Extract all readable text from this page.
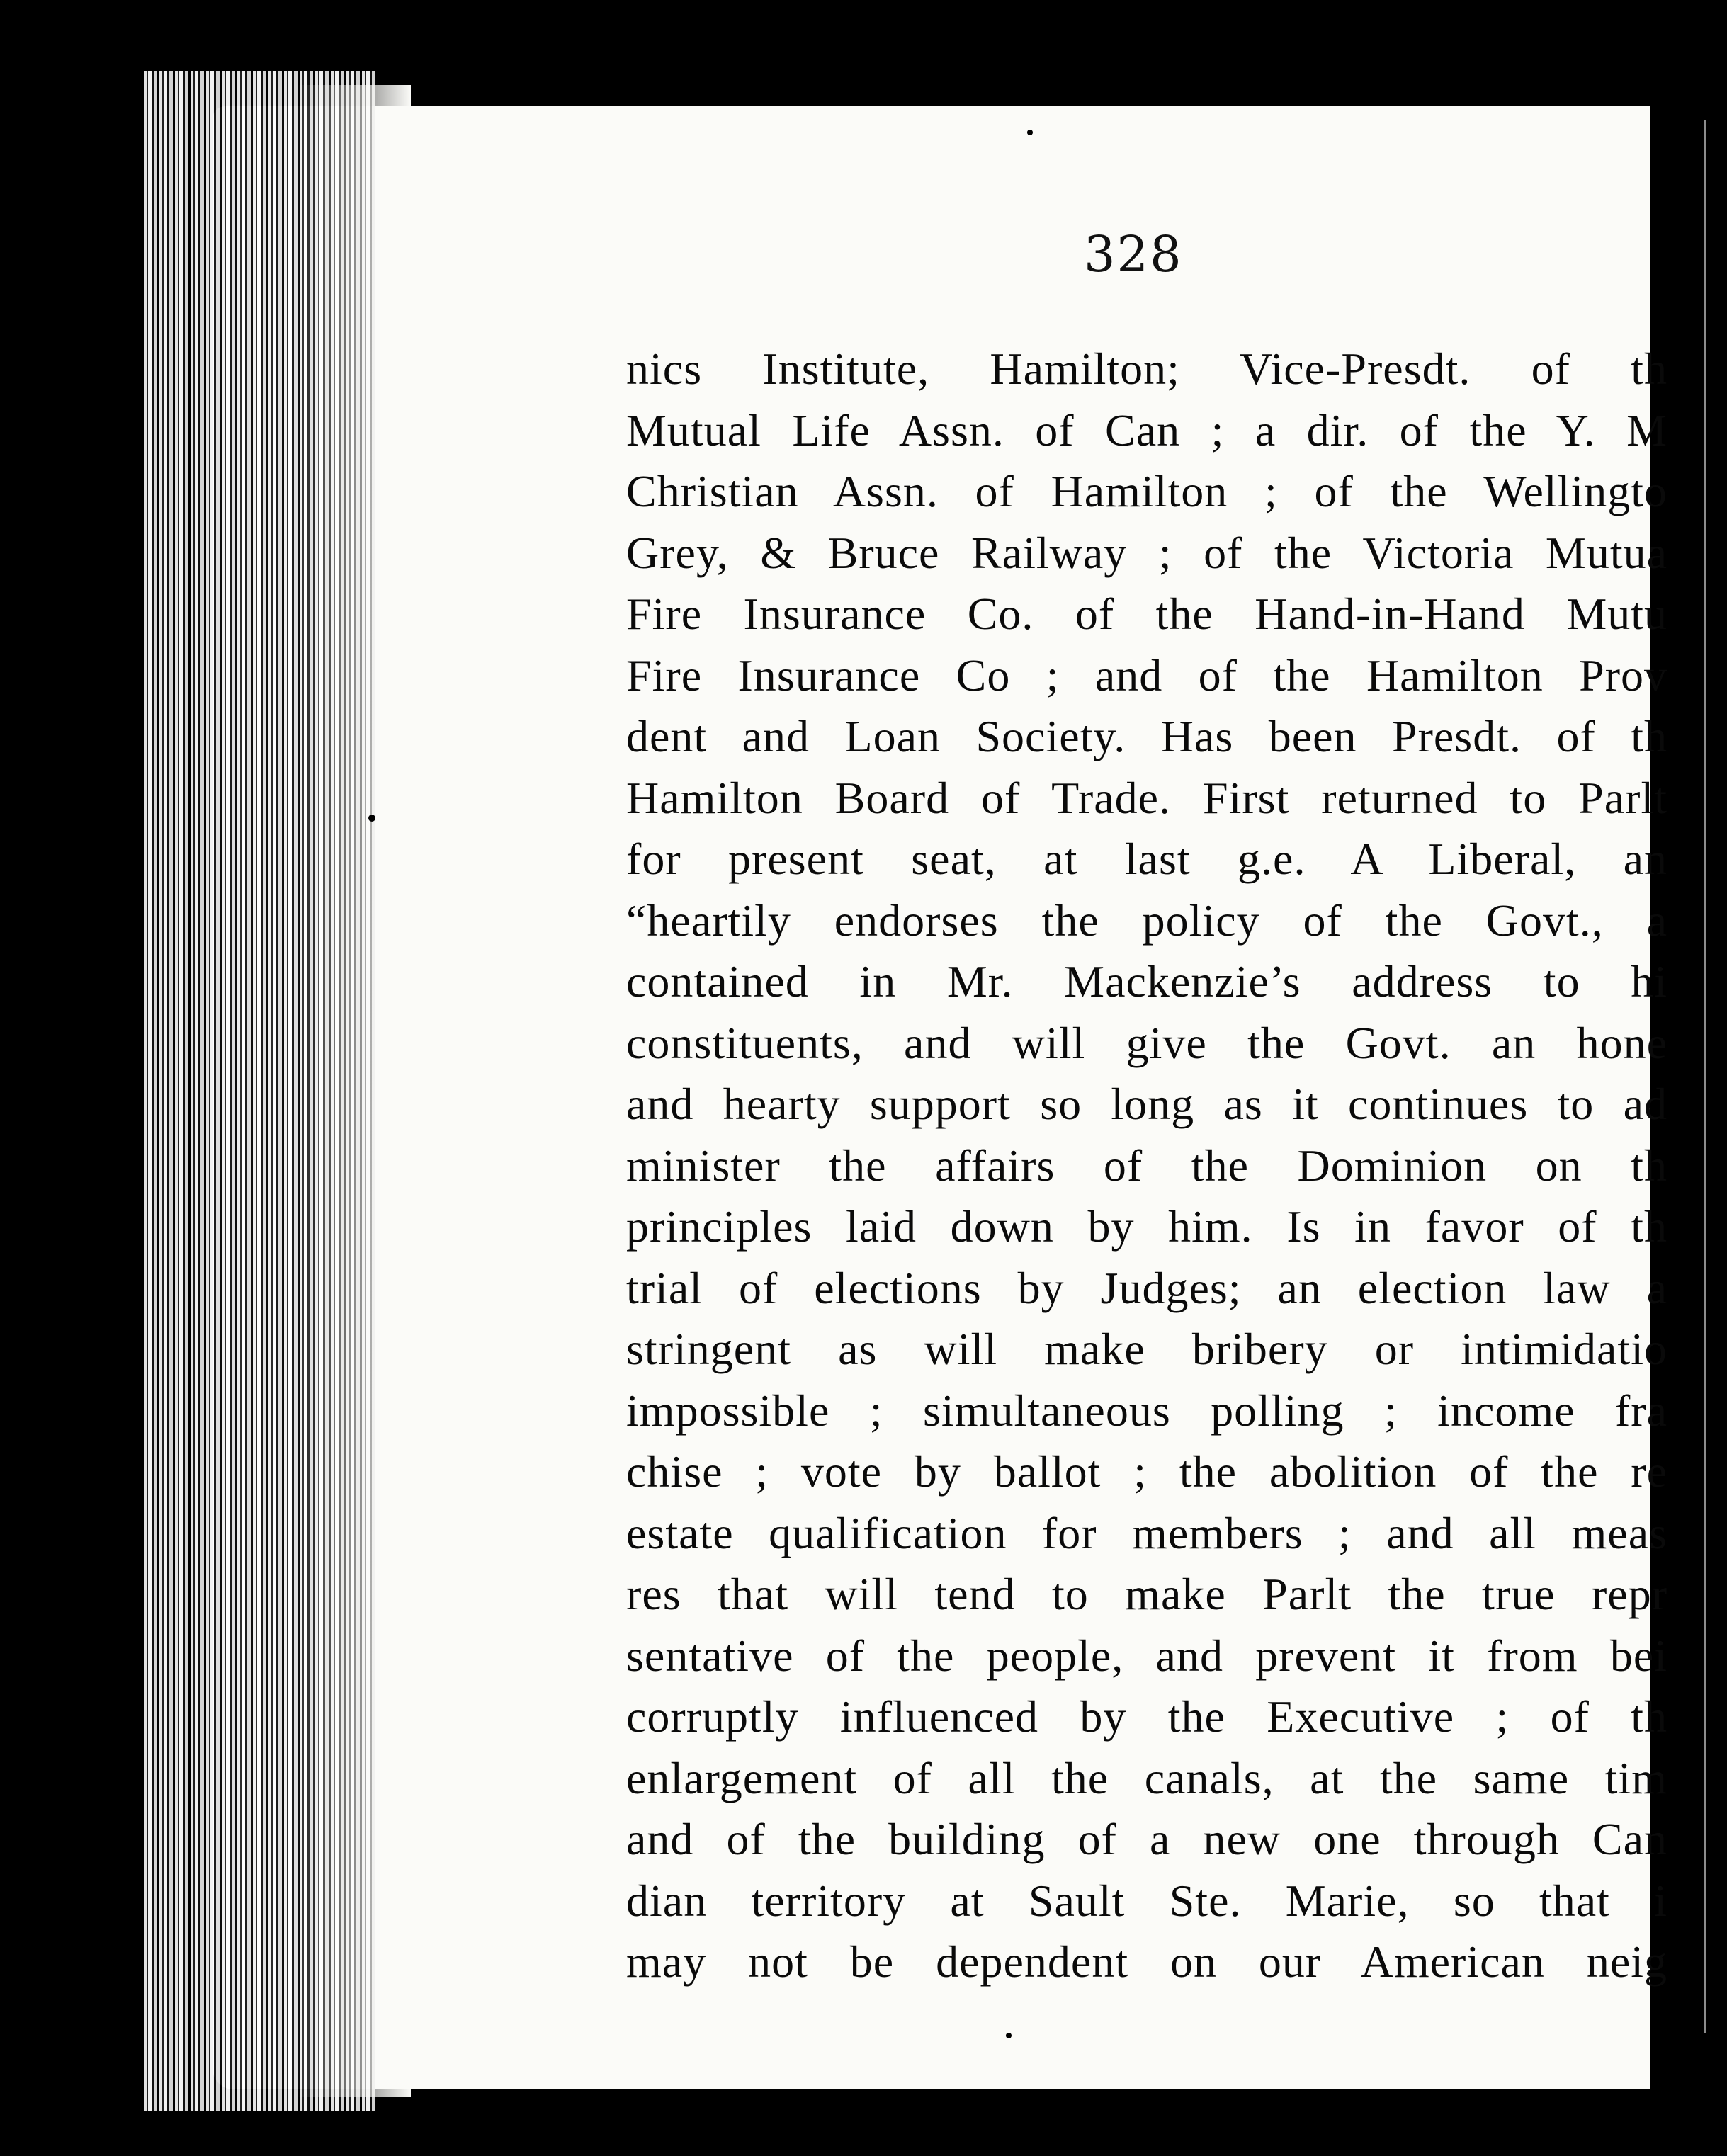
328
nics Institute, Hamilton; Vice-Presdt. of th
Mutual Life Assn. of Can ; a dir. of the Y. M
Christian Assn. of Hamilton ; of the Wellingto
Grey, & Bruce Railway ; of the Victoria Mutua
Fire Insurance Co. of the Hand-in-Hand Mutu
Fire Insurance Co ; and of the Hamilton Prov
dent and Loan Society. Has been Presdt. of th
Hamilton Board of Trade. First returned to Parlt
for present seat, at last g.e. A Liberal, an
“heartily endorses the policy of the Govt., a
contained in Mr. Mackenzie’s address to hi
constituents, and will give the Govt. an hone
and hearty support so long as it continues to ad
minister the affairs of the Dominion on th
principles laid down by him. Is in favor of th
trial of elections by Judges; an election law a
stringent as will make bribery or intimidatio
impossible ; simultaneous polling ; income fra
chise ; vote by ballot ; the abolition of the re
estate qualification for members ; and all meas
res that will tend to make Parlt the true repr
sentative of the people, and prevent it from bei
corruptly influenced by the Executive ; of th
enlargement of all the canals, at the same tim
and of the building of a new one through Can
dian territory at Sault Ste. Marie, so that i
may not be dependent on our American neig
